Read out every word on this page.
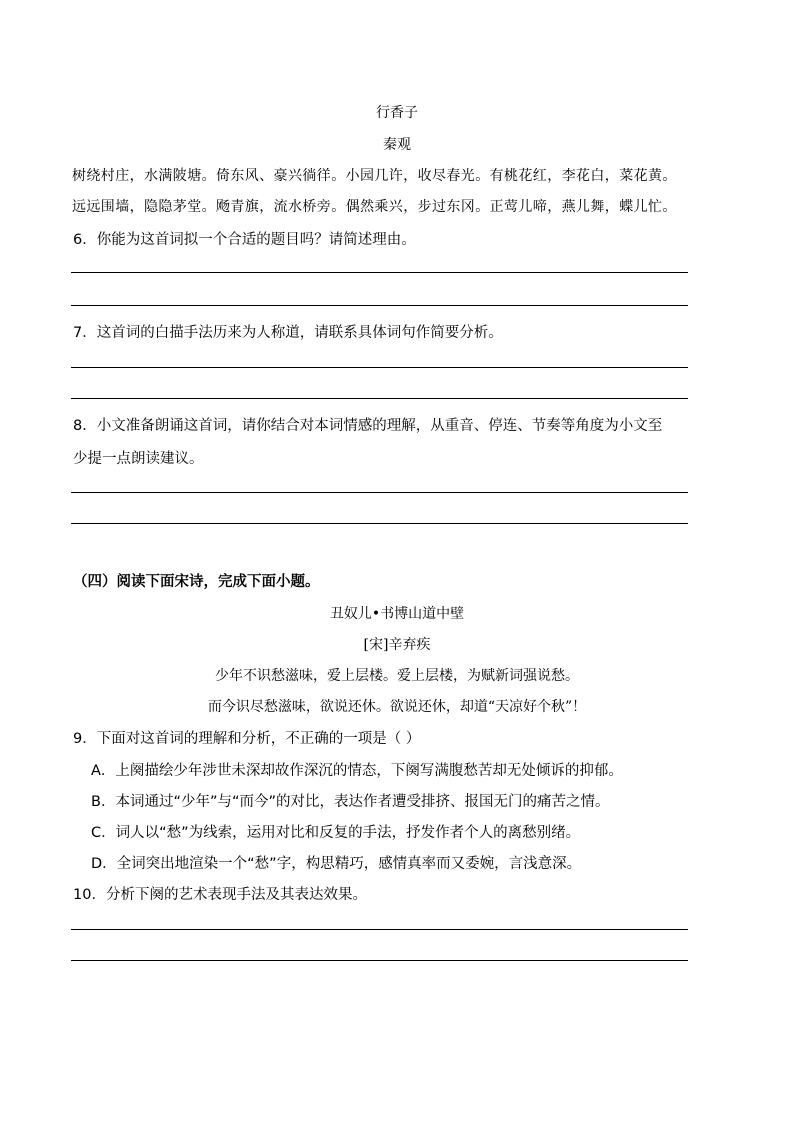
行香子
秦观
树绕村庄，水满陂塘。倚东风、豪兴徜徉。小园几许，收尽春光。有桃花红，李花白，菜花黄。
远远围墙，隐隐茅堂。飏青旗，流水桥旁。偶然乘兴，步过东冈。正莺儿啼，燕儿舞，蝶儿忙。
6．你能为这首词拟一个合适的题目吗？请简述理由。
7．这首词的白描手法历来为人称道，请联系具体词句作简要分析。
8．小文准备朗诵这首词，请你结合对本词情感的理解，从重音、停连、节奏等角度为小文至
少提一点朗读建议。
（四）阅读下面宋诗，完成下面小题。
丑奴儿•书博山道中壁
[宋]辛弃疾
少年不识愁滋味，爱上层楼。爱上层楼，为赋新词强说愁。
而今识尽愁滋味，欲说还休。欲说还休，却道“天凉好个秋”！
9．下面对这首词的理解和分析，不正确的一项是（ ）
A．上阕描绘少年涉世未深却故作深沉的情态，下阕写满腹愁苦却无处倾诉的抑郁。
B．本词通过“少年”与“而今”的对比，表达作者遭受排挤、报国无门的痛苦之情。
C．词人以“愁”为线索，运用对比和反复的手法，抒发作者个人的离愁别绪。
D．全词突出地渲染一个“愁”字，构思精巧，感情真率而又委婉，言浅意深。
10．分析下阕的艺术表现手法及其表达效果。
